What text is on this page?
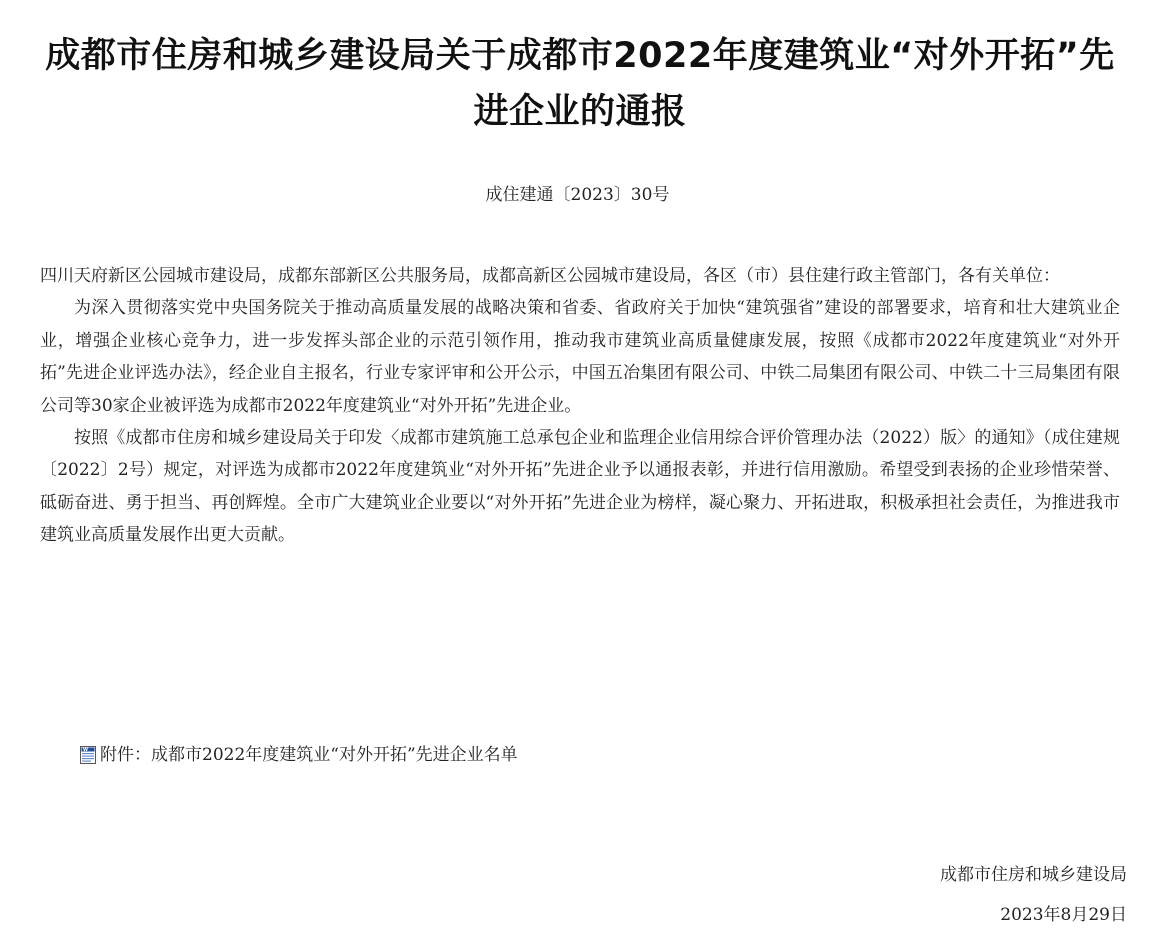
成都市住房和城乡建设局关于成都市2022年度建筑业“对外开拓”先进企业的通报
成住建通〔2023〕30号

四川天府新区公园城市建设局，成都东部新区公共服务局，成都高新区公园城市建设局，各区（市）县住建行政主管部门，各有关单位：

为深入贯彻落实党中央国务院关于推动高质量发展的战略决策和省委、省政府关于加快“建筑强省”建设的部署要求，培育和壮大建筑业企业，增强企业核心竞争力，进一步发挥头部企业的示范引领作用，推动我市建筑业高质量健康发展，按照《成都市2022年度建筑业“对外开拓”先进企业评选办法》，经企业自主报名，行业专家评审和公开公示，中国五冶集团有限公司、中铁二局集团有限公司、中铁二十三局集团有限公司等30家企业被评选为成都市2022年度建筑业“对外开拓”先进企业。

按照《成都市住房和城乡建设局关于印发〈成都市建筑施工总承包企业和监理企业信用综合评价管理办法（2022）版〉的通知》（成住建规〔2022〕2号）规定，对评选为成都市2022年度建筑业“对外开拓”先进企业予以通报表彰，并进行信用激励。希望受到表扬的企业珍惜荣誉、砥砺奋进、勇于担当、再创辉煌。全市广大建筑业企业要以“对外开拓”先进企业为榜样，凝心聚力、开拓进取，积极承担社会责任，为推进我市建筑业高质量发展作出更大贡献。

W 附件：成都市2022年度建筑业“对外开拓”先进企业名单
成都市住房和城乡建设局
2023年8月29日
